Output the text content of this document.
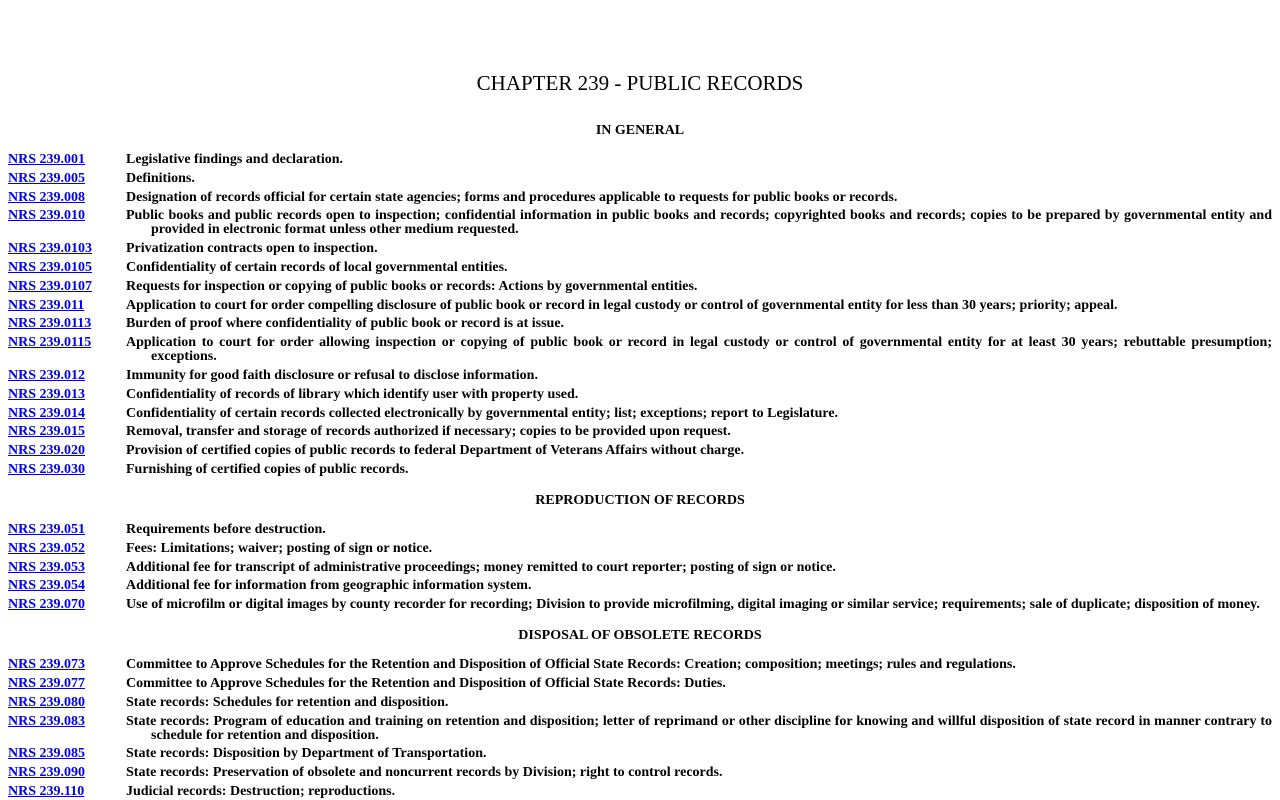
CHAPTER 239 - PUBLIC RECORDS

IN GENERAL

NRS 239.001	Legislative findings and declaration.
NRS 239.005	Definitions.
NRS 239.008	Designation of records official for certain state agencies; forms and procedures applicable to requests for public books or records.
NRS 239.010	Public books and public records open to inspection; confidential information in public books and records; copyrighted books and records; copies to be prepared by governmental entity and provided in electronic format unless other medium requested.
NRS 239.0103	Privatization contracts open to inspection.
NRS 239.0105	Confidentiality of certain records of local governmental entities.
NRS 239.0107	Requests for inspection or copying of public books or records: Actions by governmental entities.
NRS 239.011	Application to court for order compelling disclosure of public book or record in legal custody or control of governmental entity for less than 30 years; priority; appeal.
NRS 239.0113	Burden of proof where confidentiality of public book or record is at issue.
NRS 239.0115	Application to court for order allowing inspection or copying of public book or record in legal custody or control of governmental entity for at least 30 years; rebuttable presumption; exceptions.
NRS 239.012	Immunity for good faith disclosure or refusal to disclose information.
NRS 239.013	Confidentiality of records of library which identify user with property used.
NRS 239.014	Confidentiality of certain records collected electronically by governmental entity; list; exceptions; report to Legislature.
NRS 239.015	Removal, transfer and storage of records authorized if necessary; copies to be provided upon request.
NRS 239.020	Provision of certified copies of public records to federal Department of Veterans Affairs without charge.
NRS 239.030	Furnishing of certified copies of public records.

REPRODUCTION OF RECORDS

NRS 239.051	Requirements before destruction.
NRS 239.052	Fees: Limitations; waiver; posting of sign or notice.
NRS 239.053	Additional fee for transcript of administrative proceedings; money remitted to court reporter; posting of sign or notice.
NRS 239.054	Additional fee for information from geographic information system.
NRS 239.070	Use of microfilm or digital images by county recorder for recording; Division to provide microfilming, digital imaging or similar service; requirements; sale of duplicate; disposition of money.

DISPOSAL OF OBSOLETE RECORDS

NRS 239.073	Committee to Approve Schedules for the Retention and Disposition of Official State Records: Creation; composition; meetings; rules and regulations.
NRS 239.077	Committee to Approve Schedules for the Retention and Disposition of Official State Records: Duties.
NRS 239.080	State records: Schedules for retention and disposition.
NRS 239.083	State records: Program of education and training on retention and disposition; letter of reprimand or other discipline for knowing and willful disposition of state record in manner contrary to schedule for retention and disposition.
NRS 239.085	State records: Disposition by Department of Transportation.
NRS 239.090	State records: Preservation of obsolete and noncurrent records by Division; right to control records.
NRS 239.110	Judicial records: Destruction; reproductions.
